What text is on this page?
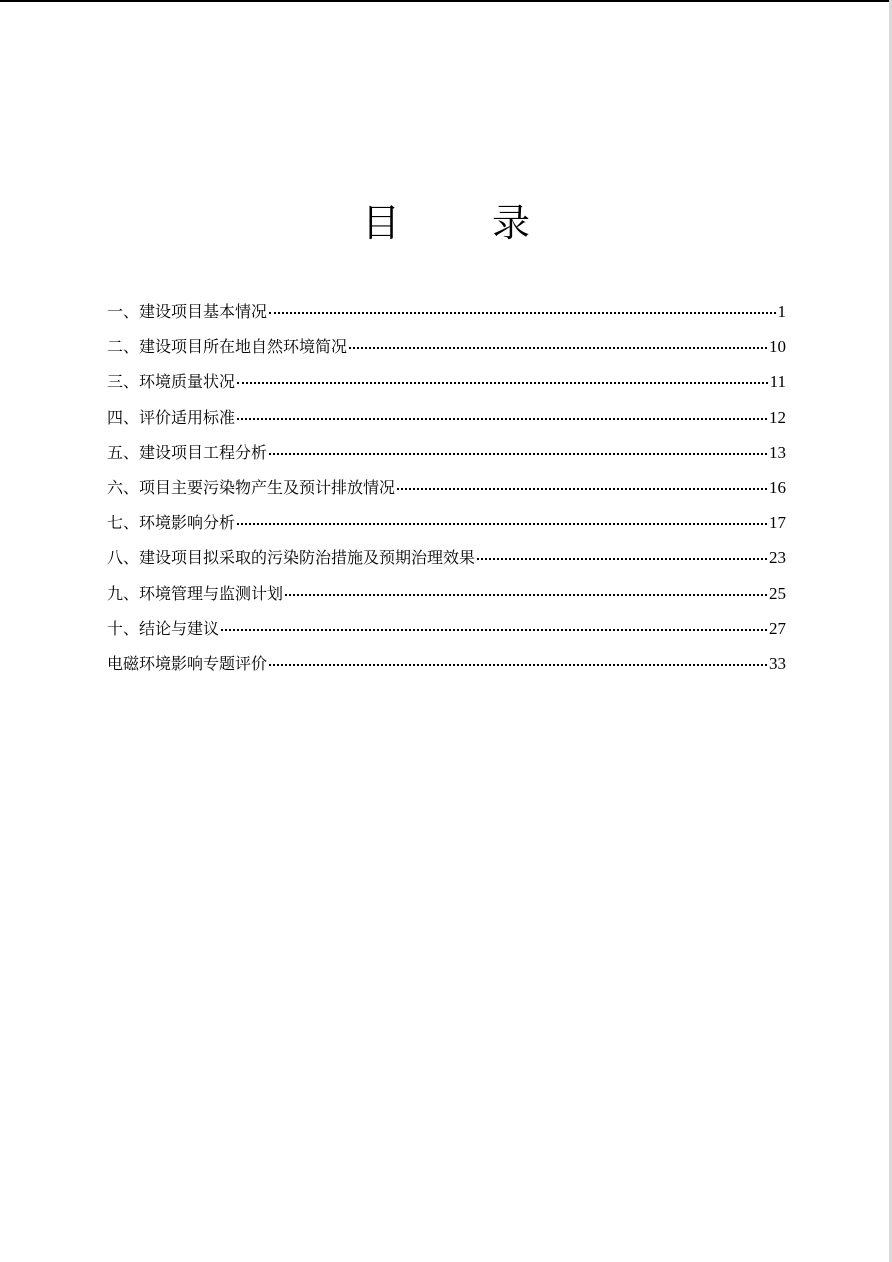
目 录
一、建设项目基本情况	1
二、建设项目所在地自然环境简况	10
三、环境质量状况	11
四、评价适用标准	12
五、建设项目工程分析	13
六、项目主要污染物产生及预计排放情况	16
七、环境影响分析	17
八、建设项目拟采取的污染防治措施及预期治理效果	23
九、环境管理与监测计划	25
十、结论与建议	27
电磁环境影响专题评价	33
